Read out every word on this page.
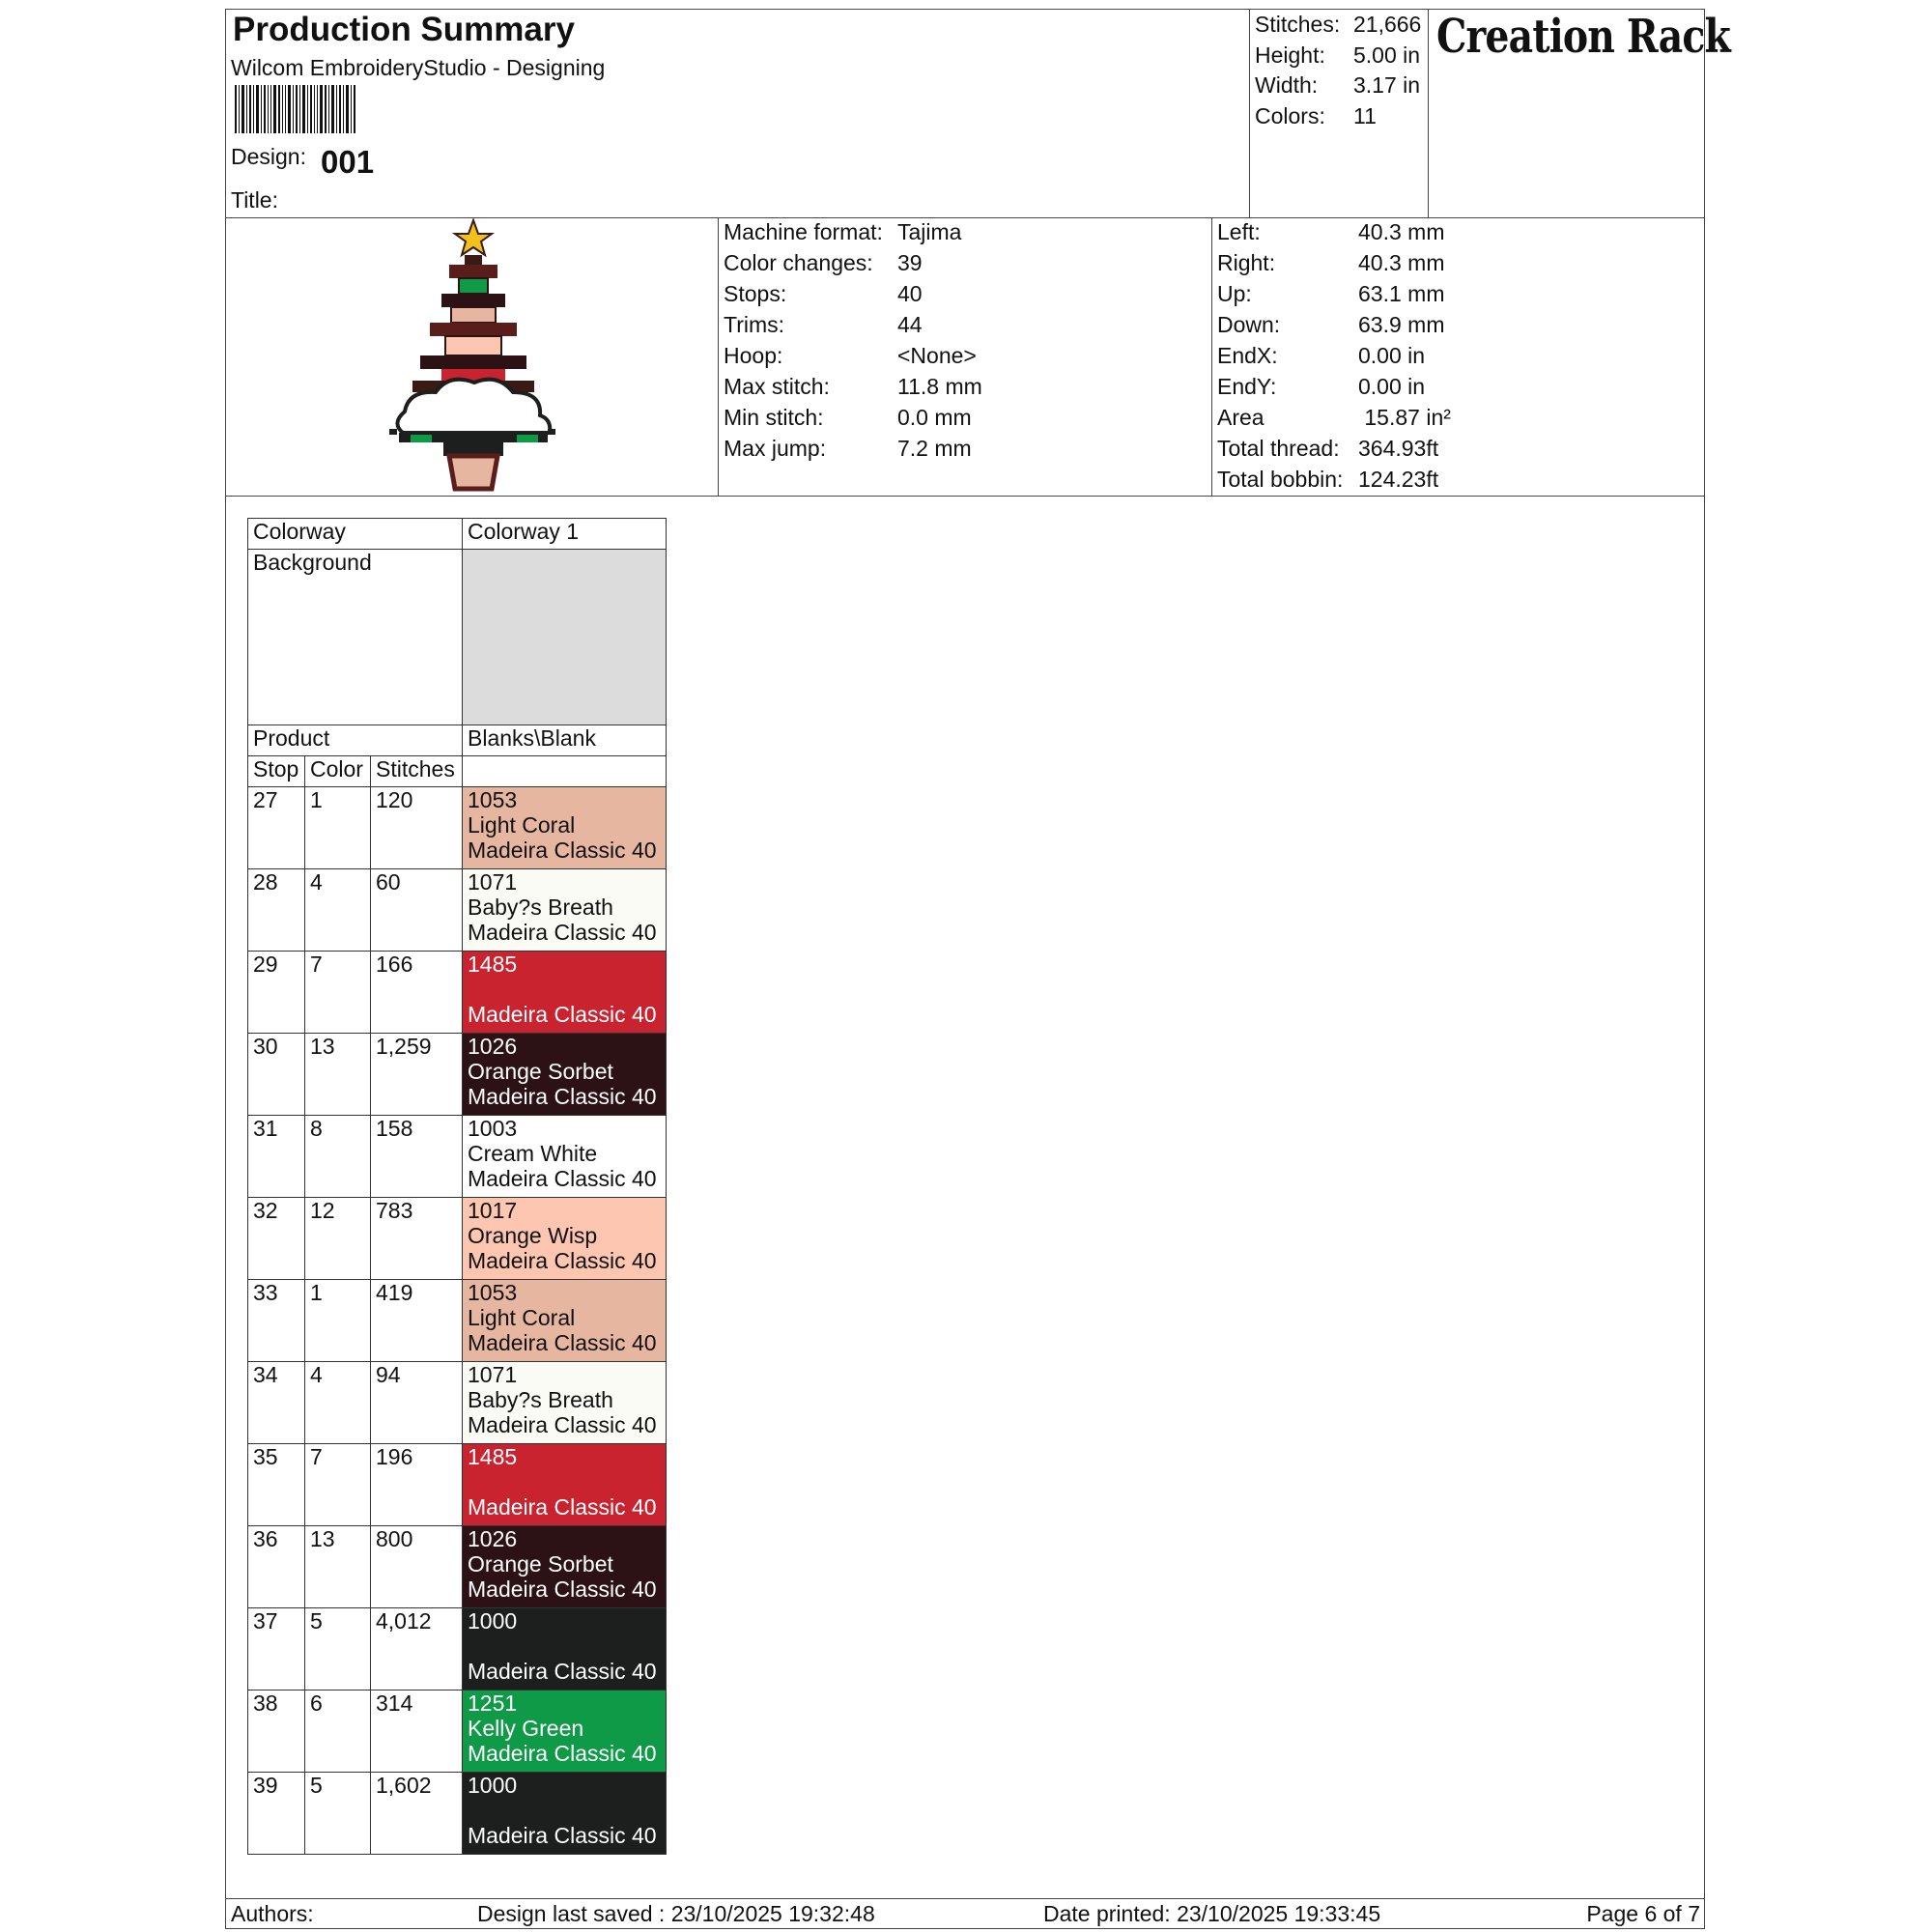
Production Summary
Wilcom EmbroideryStudio - Designing
Design: 001
Title:
Stitches: 21,666
Height: 5.00 in
Width: 3.17 in
Colors: 11
Creation Rack
Machine format: Tajima
Color changes: 39
Stops:	40
Trims:	44
Hoop:	<None>
Max stitch:	11.8 mm
Min stitch:	0.0 mm
Max jump:	7.2 mm
Left:	40.3 mm
Right:	40.3 mm
Up:	63.1 mm
Down:	63.9 mm
EndX:	0.00 in
EndY:	0.00 in
Area	15.87 in²
Total thread: 364.93ft
Total bobbin: 124.23ft
Colorway			Colorway 1
Background			
Product			Blanks\Blank
Stop	Color	Stitches	
27	1	120	1053
Light Coral
Madeira Classic 40

28	4	60	1071
Baby?s Breath
Madeira Classic 40

29	7	166	1485
Madeira Classic 40

30	13	1,259	1026
Orange Sorbet
Madeira Classic 40

31	8	158	1003
Cream White
Madeira Classic 40

32	12	783	1017
Orange Wisp
Madeira Classic 40

33	1	419	1053
Light Coral
Madeira Classic 40

34	4	94	1071
Baby?s Breath
Madeira Classic 40

35	7	196	1485
Madeira Classic 40

36	13	800	1026
Orange Sorbet
Madeira Classic 40

37	5	4,012	1000
Madeira Classic 40

38	6	314	1251
Kelly Green
Madeira Classic 40

39	5	1,602	1000
Madeira Classic 40
Authors:	Design last saved : 23/10/2025 19:32:48	Date printed: 23/10/2025 19:33:45	Page 6 of 7
